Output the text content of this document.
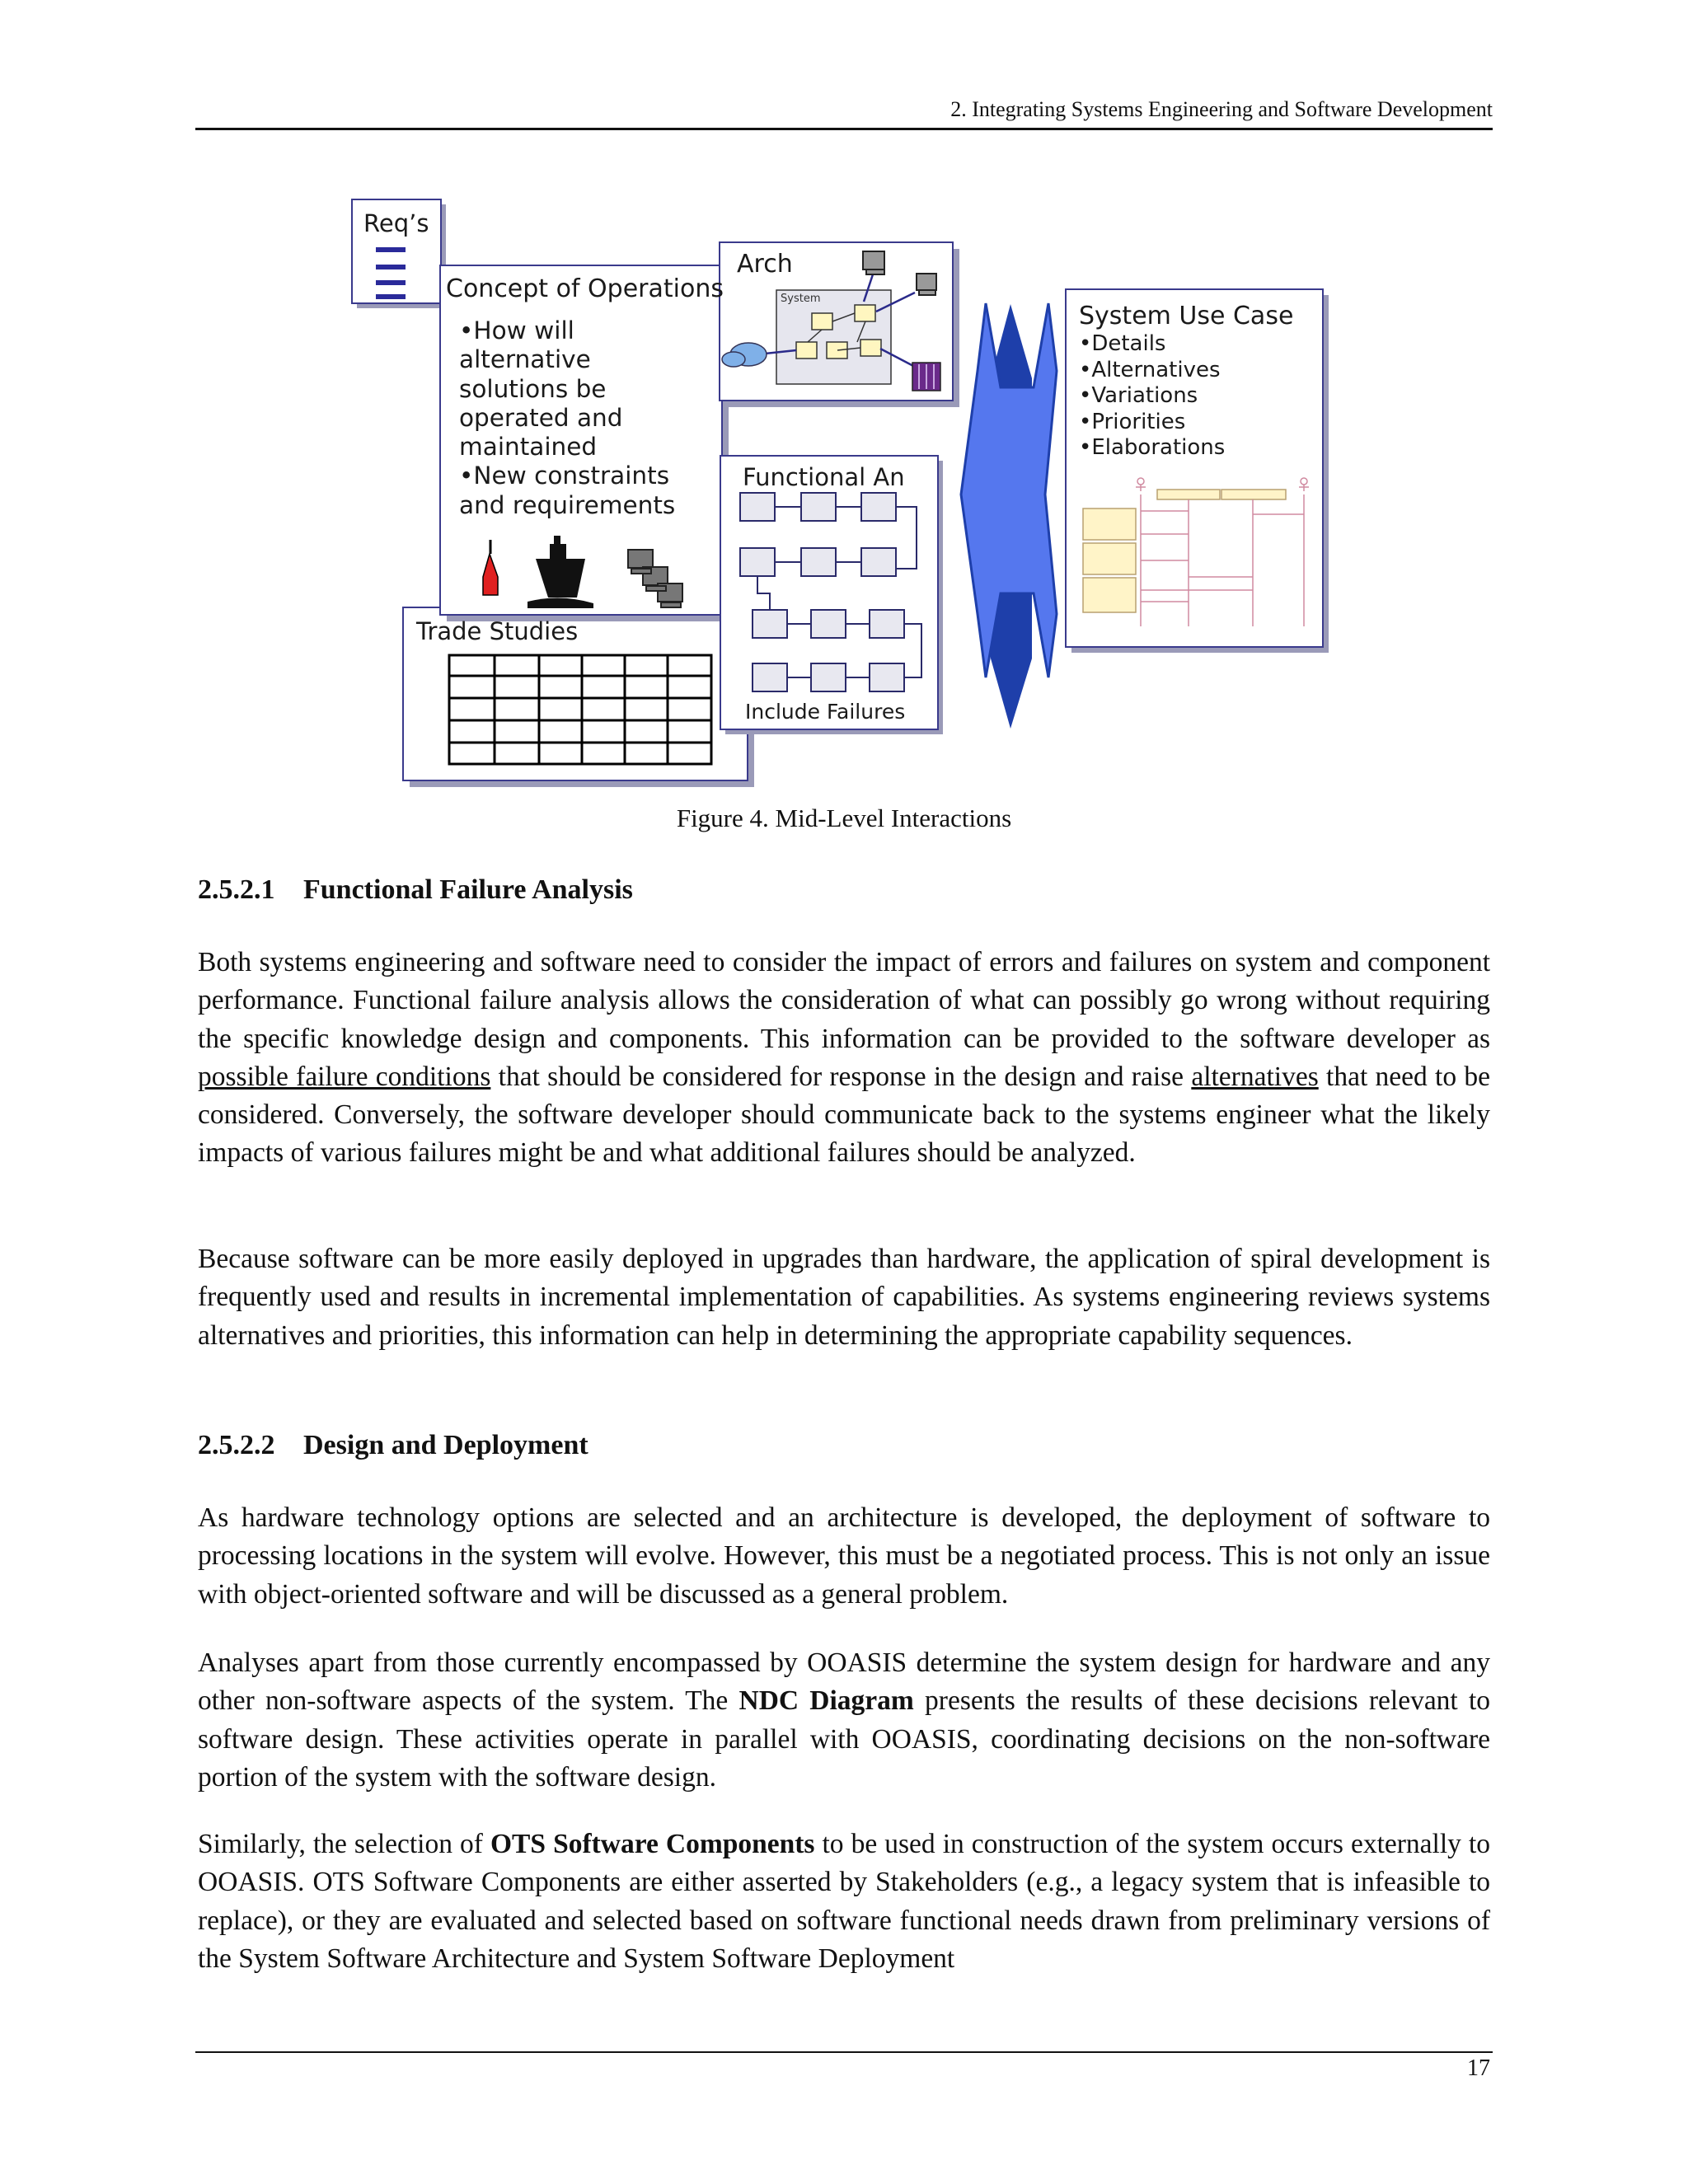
2. Integrating Systems Engineering and Software Development
Req’s
Concept of Operations
•How will
alternative
solutions be
operated and
maintained
•New constraints
and requirements
Arch
System
Functional An
Include Failures
Trade Studies
System Use Case
•Details
•Alternatives
•Variations
•Priorities
•Elaborations
Figure 4. Mid-Level Interactions
2.5.2.1 Functional Failure Analysis

Both systems engineering and software need to consider the impact of errors and failures on system and component performance. Functional failure analysis allows the consideration of what can possibly go wrong without requiring the specific knowledge design and components. This information can be provided to the software developer as possible failure conditions that should be considered for response in the design and raise alternatives that need to be considered. Conversely, the software developer should communicate back to the systems engineer what the likely impacts of various failures might be and what additional failures should be analyzed.

Because software can be more easily deployed in upgrades than hardware, the application of spiral development is frequently used and results in incremental implementation of capabilities. As systems engineering reviews systems alternatives and priorities, this information can help in determining the appropriate capability sequences.

2.5.2.2 Design and Deployment

As hardware technology options are selected and an architecture is developed, the deployment of software to processing locations in the system will evolve. However, this must be a negotiated process. This is not only an issue with object-oriented software and will be discussed as a general problem.

Analyses apart from those currently encompassed by OOASIS determine the system design for hardware and any other non-software aspects of the system. The NDC Diagram presents the results of these decisions relevant to software design. These activities operate in parallel with OOASIS, coordinating decisions on the non-software portion of the system with the software design.

Similarly, the selection of OTS Software Components to be used in construction of the system occurs externally to OOASIS. OTS Software Components are either asserted by Stakeholders (e.g., a legacy system that is infeasible to replace), or they are evaluated and selected based on software functional needs drawn from preliminary versions of the System Software Architecture and System Software Deployment

17
